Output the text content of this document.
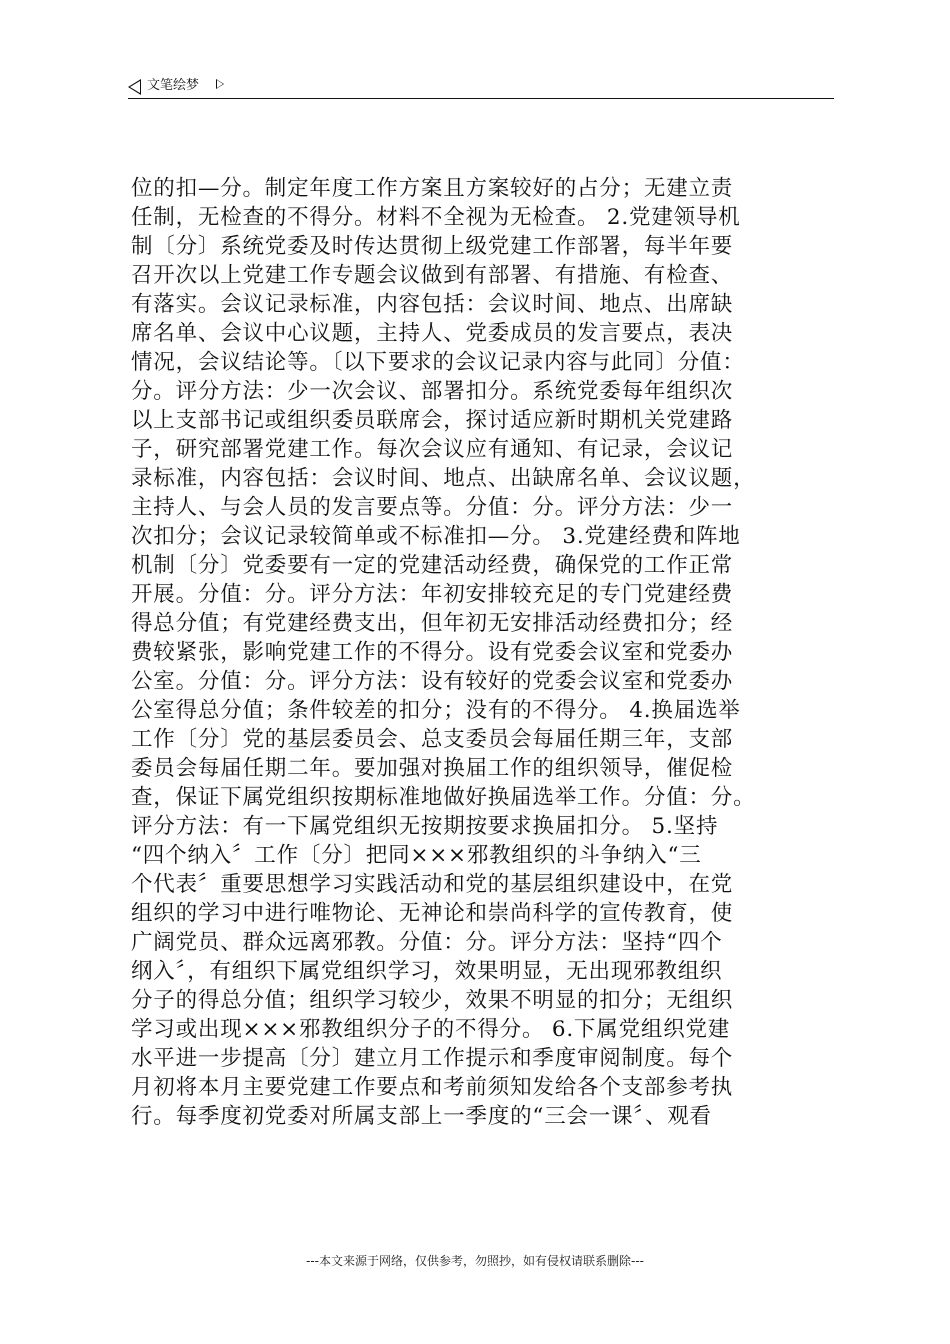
文笔绘梦
位的扣—分。制定年度工作方案且方案较好的占分；无建立责
任制，无检查的不得分。材料不全视为无检查。 2.党建领导机
制〔分〕系统党委及时传达贯彻上级党建工作部署，每半年要
召开次以上党建工作专题会议做到有部署、有措施、有检查、
有落实。会议记录标准，内容包括：会议时间、地点、出席缺
席名单、会议中心议题，主持人、党委成员的发言要点，表决
情况，会议结论等。〔以下要求的会议记录内容与此同〕分值：
分。评分方法：少一次会议、部署扣分。系统党委每年组织次
以上支部书记或组织委员联席会，探讨适应新时期机关党建路
子，研究部署党建工作。每次会议应有通知、有记录，会议记
录标准，内容包括：会议时间、地点、出缺席名单、会议议题，
主持人、与会人员的发言要点等。分值：分。评分方法：少一
次扣分；会议记录较简单或不标准扣—分。 3.党建经费和阵地
机制〔分〕党委要有一定的党建活动经费，确保党的工作正常
开展。分值：分。评分方法：年初安排较充足的专门党建经费
得总分值；有党建经费支出，但年初无安排活动经费扣分；经
费较紧张，影响党建工作的不得分。设有党委会议室和党委办
公室。分值：分。评分方法：设有较好的党委会议室和党委办
公室得总分值；条件较差的扣分；没有的不得分。 4.换届选举
工作〔分〕党的基层委员会、总支委员会每届任期三年，支部
委员会每届任期二年。要加强对换届工作的组织领导，催促检
查，保证下属党组织按期标准地做好换届选举工作。分值：分。
评分方法：有一下属党组织无按期按要求换届扣分。 5.坚持
“四个纳入〞工作〔分〕把同×××邪教组织的斗争纳入“三
个代表〞重要思想学习实践活动和党的基层组织建设中，在党
组织的学习中进行唯物论、无神论和崇尚科学的宣传教育，使
广阔党员、群众远离邪教。分值：分。评分方法：坚持“四个
纲入〞，有组织下属党组织学习，效果明显，无出现邪教组织
分子的得总分值；组织学习较少，效果不明显的扣分；无组织
学习或出现×××邪教组织分子的不得分。 6.下属党组织党建
水平进一步提高〔分〕建立月工作提示和季度审阅制度。每个
月初将本月主要党建工作要点和考前须知发给各个支部参考执
行。每季度初党委对所属支部上一季度的“三会一课〞、观看
---本文来源于网络，仅供参考，勿照抄，如有侵权请联系删除---
